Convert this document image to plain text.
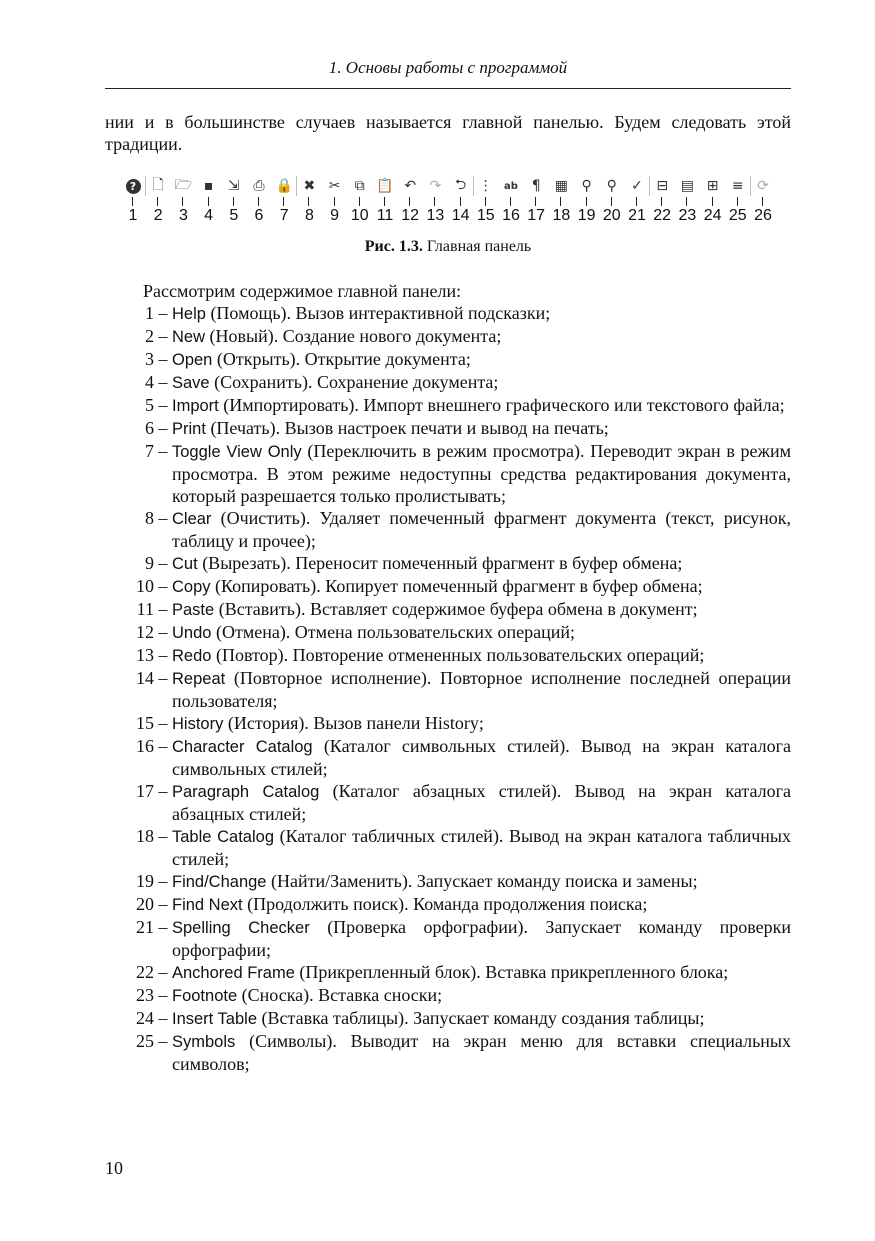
1. Основы работы с программой
нии и в большинстве случаев называется главной панелью. Будем следовать этой традиции.
?
1
🗋
2
🗁
3
▪
4
⇲
5
⎙
6
🔒
7
✖
8
✂
9
⧉
10
📋
11
↶
12
↷
13
⮌
14
⋮
15
ab
16
¶
17
▦
18
⚲
19
⚲
20
✓
21
⊟
22
▤
23
⊞
24
≡
25
⟳
26
Рис. 1.3. Главная панель
Рассмотрим содержимое главной панели:
1 – Help (Помощь). Вызов интерактивной подсказки;
2 – New (Новый). Создание нового документа;
3 – Open (Открыть). Открытие документа;
4 – Save (Сохранить). Сохранение документа;
5 – Import (Импортировать). Импорт внешнего графического или текстового файла;
6 – Print (Печать). Вызов настроек печати и вывод на печать;
7 – Toggle View Only (Переключить в режим просмотра). Переводит экран в режим просмотра. В этом режиме недоступны средства редактирования документа, который разрешается только пролистывать;
8 – Clear (Очистить). Удаляет помеченный фрагмент документа (текст, рисунок, таблицу и прочее);
9 – Cut (Вырезать). Переносит помеченный фрагмент в буфер обмена;
10 – Copy (Копировать). Копирует помеченный фрагмент в буфер обмена;
11 – Paste (Вставить). Вставляет содержимое буфера обмена в документ;
12 – Undo (Отмена). Отмена пользовательских операций;
13 – Redo (Повтор). Повторение отмененных пользовательских операций;
14 – Repeat (Повторное исполнение). Повторное исполнение последней операции пользователя;
15 – History (История). Вызов панели History;
16 – Character Catalog (Каталог символьных стилей). Вывод на экран каталога символьных стилей;
17 – Paragraph Catalog (Каталог абзацных стилей). Вывод на экран каталога абзацных стилей;
18 – Table Catalog (Каталог табличных стилей). Вывод на экран каталога табличных стилей;
19 – Find/Change (Найти/Заменить). Запускает команду поиска и замены;
20 – Find Next (Продолжить поиск). Команда продолжения поиска;
21 – Spelling Checker (Проверка орфографии). Запускает команду проверки орфографии;
22 – Anchored Frame (Прикрепленный блок). Вставка прикрепленного блока;
23 – Footnote (Сноска). Вставка сноски;
24 – Insert Table (Вставка таблицы). Запускает команду создания таблицы;
25 – Symbols (Символы). Выводит на экран меню для вставки специальных символов;
10
